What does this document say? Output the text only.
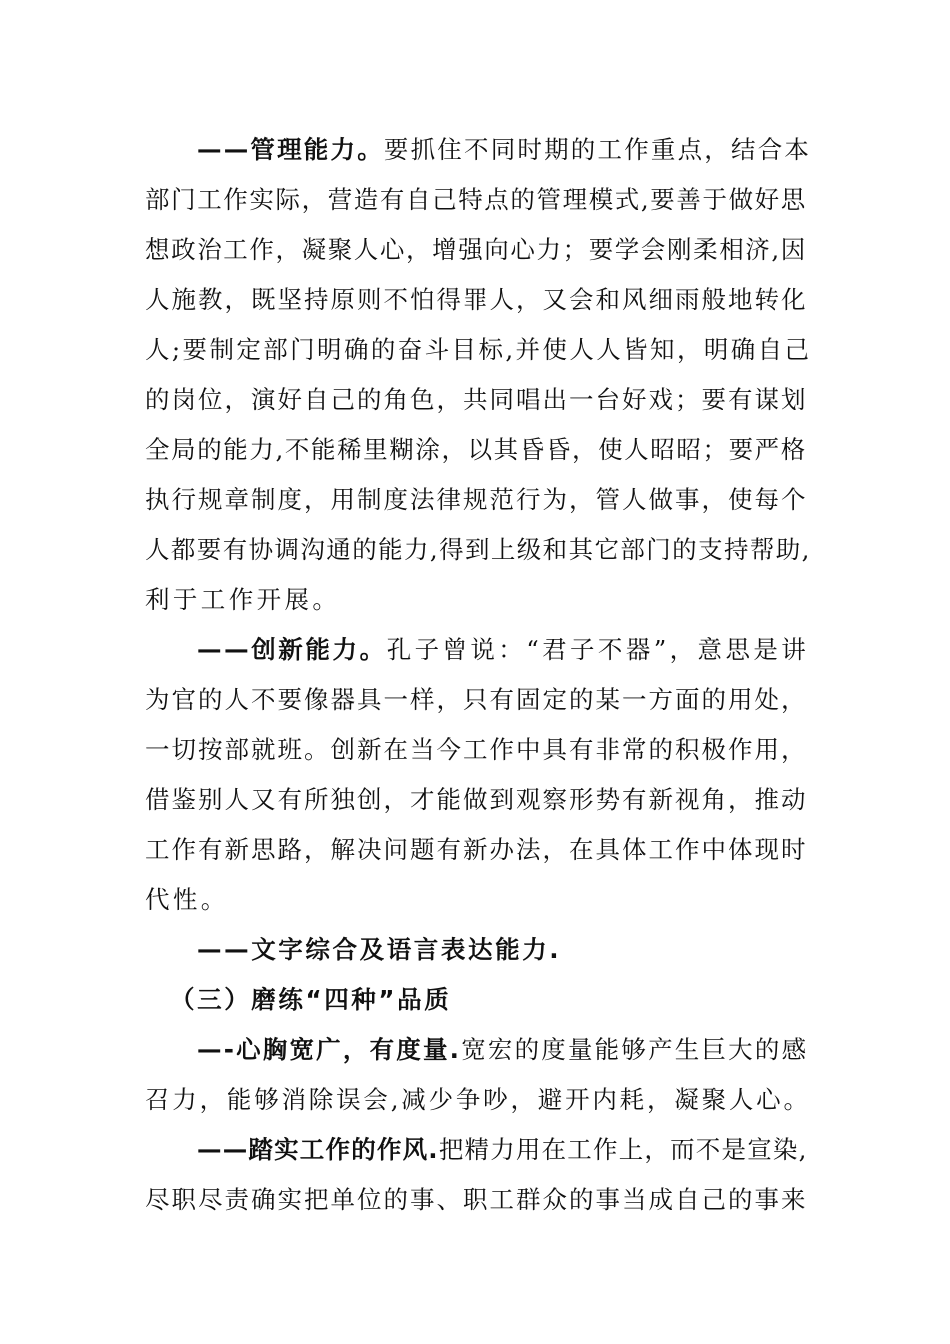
——管理能力。要抓住不同时期的工作重点，结合本
部门工作实际，营造有自己特点的管理模式,要善于做好思
想政治工作，凝聚人心，增强向心力；要学会刚柔相济,因
人施教，既坚持原则不怕得罪人，又会和风细雨般地转化
人;要制定部门明确的奋斗目标,并使人人皆知，明确自己
的岗位，演好自己的角色，共同唱出一台好戏；要有谋划
全局的能力,不能稀里糊涂，以其昏昏，使人昭昭；要严格
执行规章制度，用制度法律规范行为，管人做事，使每个
人都要有协调沟通的能力,得到上级和其它部门的支持帮助,
利于工作开展。
——创新能力。孔子曾说：“君子不器”，意思是讲
为官的人不要像器具一样，只有固定的某一方面的用处，
一切按部就班。创新在当今工作中具有非常的积极作用，
借鉴别人又有所独创，才能做到观察形势有新视角，推动
工作有新思路，解决问题有新办法，在具体工作中体现时
代性。
——文字综合及语言表达能力.
（三）磨练“四种”品质
—-心胸宽广，有度量.宽宏的度量能够产生巨大的感
召力，能够消除误会,减少争吵，避开内耗，凝聚人心。
——踏实工作的作风.把精力用在工作上，而不是宣染,
尽职尽责确实把单位的事、职工群众的事当成自己的事来
